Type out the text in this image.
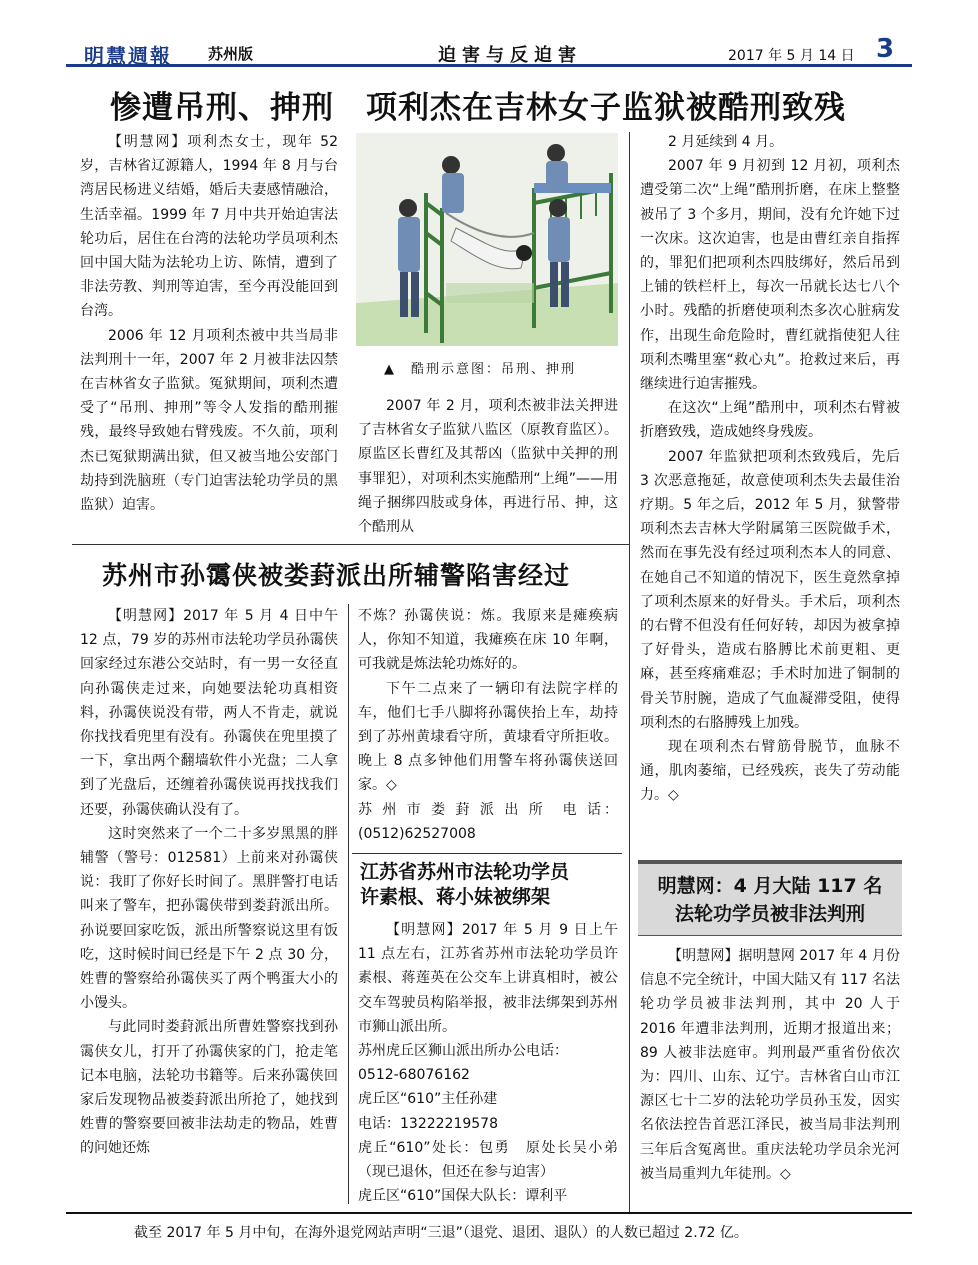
明慧週報 苏州版	迫害与反迫害	2017 年 5 月 14 日 3
惨遭吊刑、抻刑　项利杰在吉林女子监狱被酷刑致残

【明慧网】项利杰女士，现年 52 岁，吉林省辽源籍人，1994 年 8 月与台湾居民杨进义结婚，婚后夫妻感情融洽，生活幸福。1999 年 7 月中共开始迫害法轮功后，居住在台湾的法轮功学员项利杰回中国大陆为法轮功上访、陈情，遭到了非法劳教、判刑等迫害，至今再没能回到台湾。

2006 年 12 月项利杰被中共当局非法判刑十一年，2007 年 2 月被非法囚禁在吉林省女子监狱。冤狱期间，项利杰遭受了“吊刑、抻刑”等令人发指的酷刑摧残，最终导致她右臂残废。不久前，项利杰已冤狱期满出狱，但又被当地公安部门劫持到洗脑班（专门迫害法轮功学员的黑监狱）迫害。

▲　酷刑示意图：吊刑、抻刑

2007 年 2 月，项利杰被非法关押进了吉林省女子监狱八监区（原教育监区）。原监区长曹红及其帮凶（监狱中关押的刑事罪犯），对项利杰实施酷刑“上绳”——用绳子捆绑四肢或身体，再进行吊、抻，这个酷刑从

2 月延续到 4 月。

2007 年 9 月初到 12 月初，项利杰遭受第二次“上绳”酷刑折磨，在床上整整被吊了 3 个多月，期间，没有允许她下过一次床。这次迫害，也是由曹红亲自指挥的，罪犯们把项利杰四肢绑好，然后吊到上铺的铁栏杆上，每次一吊就长达七八个小时。残酷的折磨使项利杰多次心脏病发作，出现生命危险时，曹红就指使犯人往项利杰嘴里塞“救心丸”。抢救过来后，再继续进行迫害摧残。

在这次“上绳”酷刑中，项利杰右臂被折磨致残，造成她终身残废。

2007 年监狱把项利杰致残后，先后 3 次恶意拖延，故意使项利杰失去最佳治疗期。5 年之后，2012 年 5 月，狱警带项利杰去吉林大学附属第三医院做手术，然而在事先没有经过项利杰本人的同意、在她自己不知道的情况下，医生竟然拿掉了项利杰原来的好骨头。手术后，项利杰的右臂不但没有任何好转，却因为被拿掉了好骨头，造成右胳膊比术前更粗、更麻，甚至疼痛难忍；手术时加进了铜制的骨关节肘腕，造成了气血凝滞受阻，使得项利杰的右胳膊残上加残。

现在项利杰右臂筋骨脱节，血脉不通，肌肉萎缩，已经残疾，丧失了劳动能力。◇

苏州市孙霭侠被娄葑派出所辅警陷害经过

【明慧网】2017 年 5 月 4 日中午 12 点，79 岁的苏州市法轮功学员孙霭侠回家经过东港公交站时，有一男一女径直向孙霭侠走过来，向她要法轮功真相资料，孙霭侠说没有带，两人不肯走，就说你找找看兜里有没有。孙霭侠在兜里摸了一下，拿出两个翻墙软件小光盘；二人拿到了光盘后，还缠着孙霭侠说再找找我们还要，孙霭侠确认没有了。

这时突然来了一个二十多岁黑黑的胖辅警（警号：012581）上前来对孙霭侠说：我盯了你好长时间了。黑胖警打电话叫来了警车，把孙霭侠带到娄葑派出所。孙说要回家吃饭，派出所警察说这里有饭吃，这时候时间已经是下午 2 点 30 分，姓曹的警察给孙霭侠买了两个鸭蛋大小的小馒头。

与此同时娄葑派出所曹姓警察找到孙霭侠女儿，打开了孙霭侠家的门，抢走笔记本电脑，法轮功书籍等。后来孙霭侠回家后发现物品被娄葑派出所抢了，她找到姓曹的警察要回被非法劫走的物品，姓曹的问她还炼

不炼？孙霭侠说：炼。我原来是瘫痪病人，你知不知道，我瘫痪在床 10 年啊，可我就是炼法轮功炼好的。

下午二点来了一辆印有法院字样的车，他们七手八脚将孙霭侠抬上车，劫持到了苏州黄埭看守所，黄埭看守所拒收。晚上 8 点多钟他们用警车将孙霭侠送回家。◇

苏 州 市 娄 葑 派 出 所　电 话：(0512)62527008

江苏省苏州市法轮功学员
许素根、蒋小妹被绑架

【明慧网】2017 年 5 月 9 日上午 11 点左右，江苏省苏州市法轮功学员许素根、蒋莲英在公交车上讲真相时，被公交车驾驶员构陷举报，被非法绑架到苏州市狮山派出所。

苏州虎丘区狮山派出所办公电话：

0512-68076162

虎丘区“610”主任孙建

电话：13222219578

虎丘“610”处长：包勇　原处长吴小弟（现已退休，但还在参与迫害）

虎丘区“610”国保大队长：谭利平

明慧网：4 月大陆 117 名
法轮功学员被非法判刑

【明慧网】据明慧网 2017 年 4 月份信息不完全统计，中国大陆又有 117 名法轮功学员被非法判刑，其中 20 人于 2016 年遭非法判刑，近期才报道出来；89 人被非法庭审。判刑最严重省份依次为：四川、山东、辽宁。吉林省白山市江源区七十二岁的法轮功学员孙玉发，因实名依法控告首恶江泽民，被当局非法判刑三年后含冤离世。重庆法轮功学员余光河被当局重判九年徒刑。◇

截至 2017 年 5 月中旬，在海外退党网站声明“三退”（退党、退团、退队）的人数已超过 2.72 亿。
